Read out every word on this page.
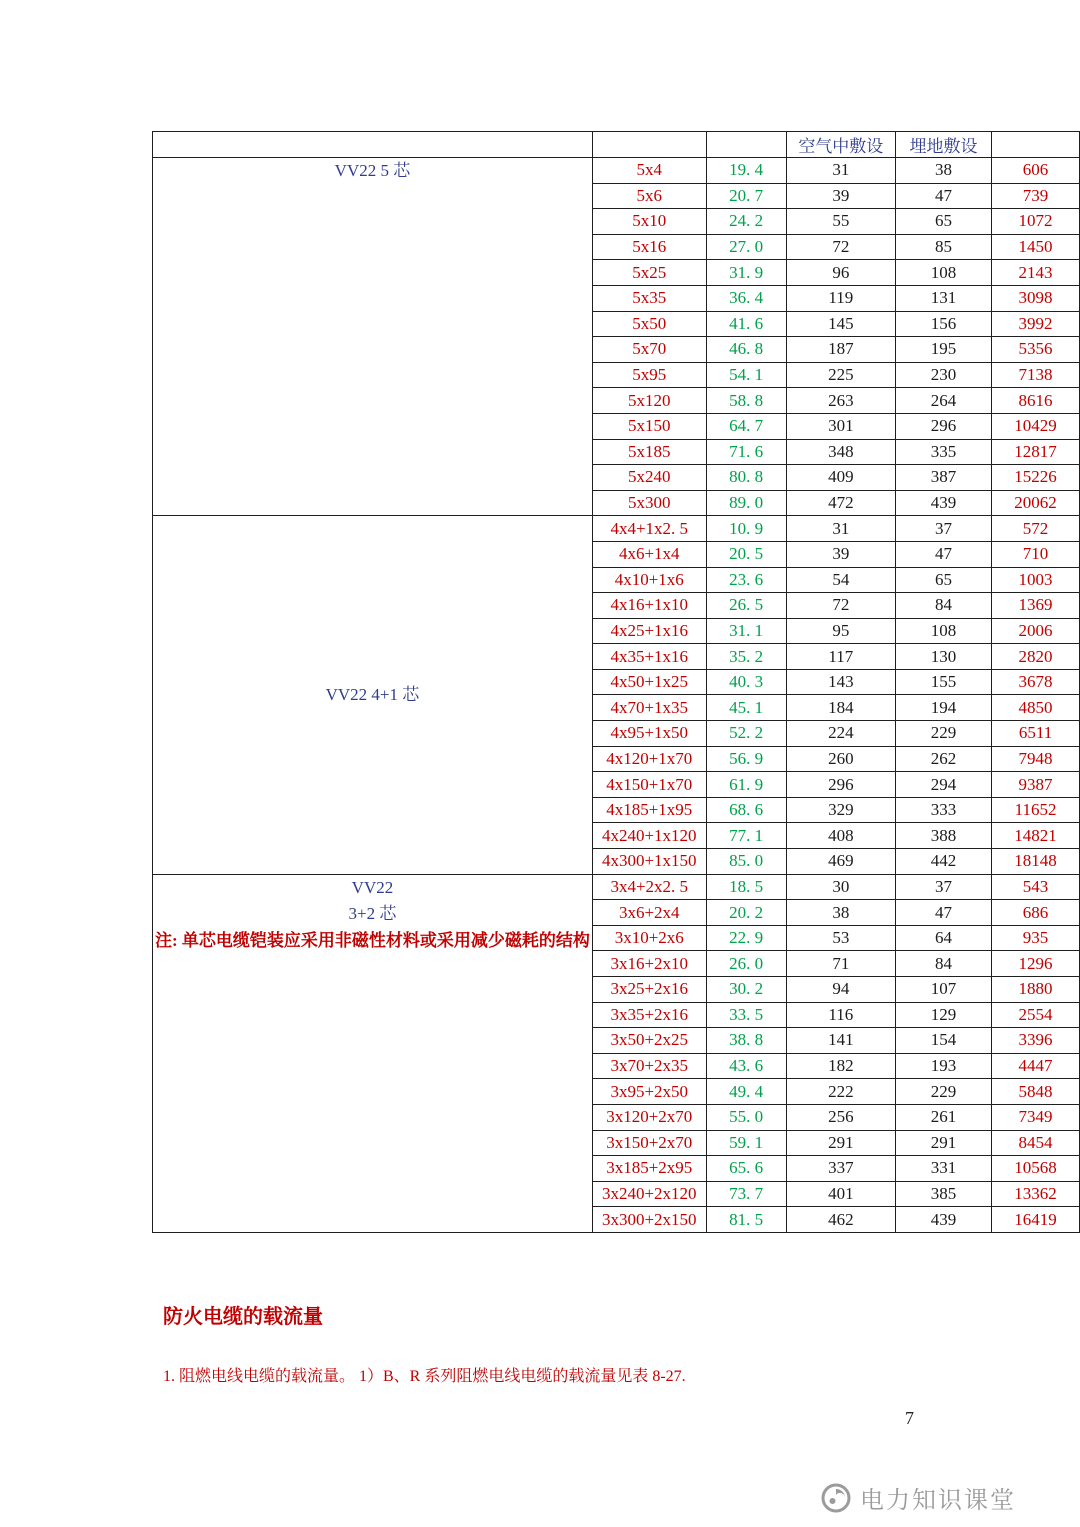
			空气中敷设	埋地敷设	

VV22 5 芯	5x4	19. 4	31	38	606
	5x6	20. 7	39	47	739
	5x10	24. 2	55	65	1072
	5x16	27. 0	72	85	1450
	5x25	31. 9	96	108	2143
	5x35	36. 4	119	131	3098
	5x50	41. 6	145	156	3992
	5x70	46. 8	187	195	5356
	5x95	54. 1	225	230	7138
	5x120	58. 8	263	264	8616
	5x150	64. 7	301	296	10429
	5x185	71. 6	348	335	12817
	5x240	80. 8	409	387	15226
	5x300	89. 0	472	439	20062

VV22 4+1 芯	4x4+1x2. 5	10. 9	31	37	572
	4x6+1x4	20. 5	39	47	710
	4x10+1x6	23. 6	54	65	1003
	4x16+1x10	26. 5	72	84	1369
	4x25+1x16	31. 1	95	108	2006
	4x35+1x16	35. 2	117	130	2820
	4x50+1x25	40. 3	143	155	3678
	4x70+1x35	45. 1	184	194	4850
	4x95+1x50	52. 2	224	229	6511
	4x120+1x70	56. 9	260	262	7948
	4x150+1x70	61. 9	296	294	9387
	4x185+1x95	68. 6	329	333	11652
	4x240+1x120	77. 1	408	388	14821
	4x300+1x150	85. 0	469	442	18148

VV22
3+2 芯
注: 单芯电缆铠装应采用非磁性材料或采用减少磁耗的结构	3x4+2x2. 5	18. 5	30	37	543
	3x6+2x4	20. 2	38	47	686
	3x10+2x6	22. 9	53	64	935
	3x16+2x10	26. 0	71	84	1296
	3x25+2x16	30. 2	94	107	1880
	3x35+2x16	33. 5	116	129	2554
	3x50+2x25	38. 8	141	154	3396
	3x70+2x35	43. 6	182	193	4447
	3x95+2x50	49. 4	222	229	5848
	3x120+2x70	55. 0	256	261	7349
	3x150+2x70	59. 1	291	291	8454
	3x185+2x95	65. 6	337	331	10568
	3x240+2x120	73. 7	401	385	13362
	3x300+2x150	81. 5	462	439	16419
防火电缆的载流量
1. 阻燃电线电缆的载流量。 1）B、R 系列阻燃电线电缆的载流量见表 8-27.
7
电力知识课堂
